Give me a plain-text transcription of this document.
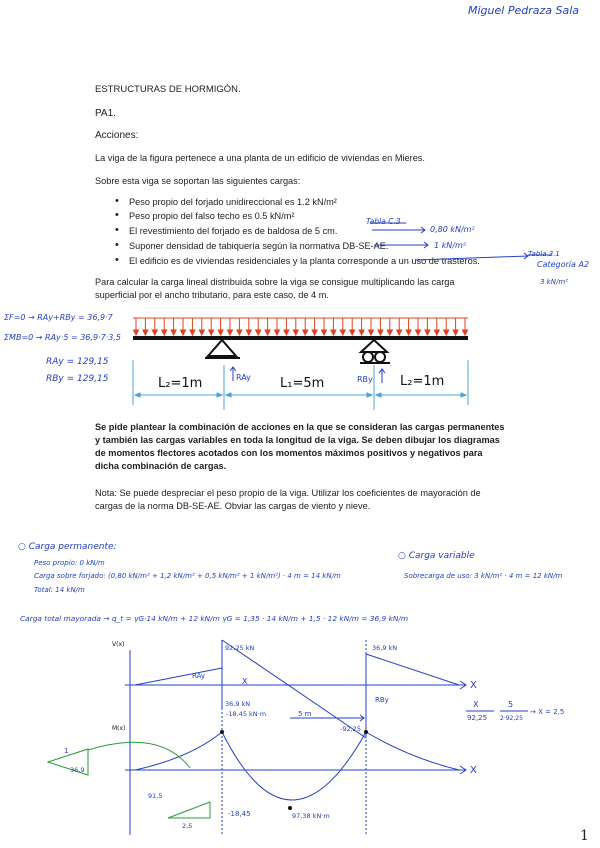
Miguel Pedraza Sala
ESTRUCTURAS DE HORMIGÓN.
PA1.
Acciones:
La viga de la figura pertenece a una planta de un edificio de viviendas en Mieres.
Sobre esta viga se soportan las siguientes cargas:
• Peso propio del forjado unidireccional es 1.2 kN/m²
• Peso propio del falso techo es 0.5 kN/m²
• El revestimiento del forjado es de baldosa de 5 cm.
• Suponer densidad de tabiquería según la normativa DB-SE-AE.
• El edificio es de viviendas residenciales y la planta corresponde a un uso de trasteros.
Tabla C.3
0,80 kN/m²
1 kN/m²
Tabla 3.1
Categoría A2
3 kN/m²
Para calcular la carga lineal distribuida sobre la viga se consigue multiplicando las carga superficial por el ancho tributario, para este caso, de 4 m.
L₂=1m	L₁=5m	L₂=1m
RAy	RBy
ΣF=0 → RAy+RBy = 36,9·7
ΣMB=0 → RAy·5 = 36,9·7·3,5
RAy = 129,15
RBy = 129,15
Se pide plantear la combinación de acciones en la que se consideran las cargas permanentes y también las cargas variables en toda la longitud de la viga. Se deben dibujar los diagramas de momentos flectores acotados con los momentos máximos positivos y negativos para dicha combinación de cargas.
Nota: Se puede despreciar el peso propio de la viga. Utilizar los coeficientes de mayoración de cargas de la norma DB-SE-AE. Obviar las cargas de viento y nieve.
○ Carga permanente:
Peso propio: 0 kN/m
Carga sobre forjado: (0,80 kN/m² + 1,2 kN/m² + 0,5 kN/m² + 1 kN/m²) · 4 m = 14 kN/m
Total: 14 kN/m
○ Carga variable
Sobrecarga de uso: 3 kN/m² · 4 m = 12 kN/m
Carga total mayorada → q_t = γG·14 kN/m + 12 kN/m γG = 1,35 · 14 kN/m + 1,5 · 12 kN/m = 36,9 kN/m
V(x)
M(x)
X
X
92,25 kN
36,9 kN
-18,45 kN·m
-92,25
36,9 kN
RAy
RBy
X
5 m
97,38 kN·m
-18,45
36,9
1
91,5
2,5
X
92,25
5
2·92,25
→ X = 2,5
1
